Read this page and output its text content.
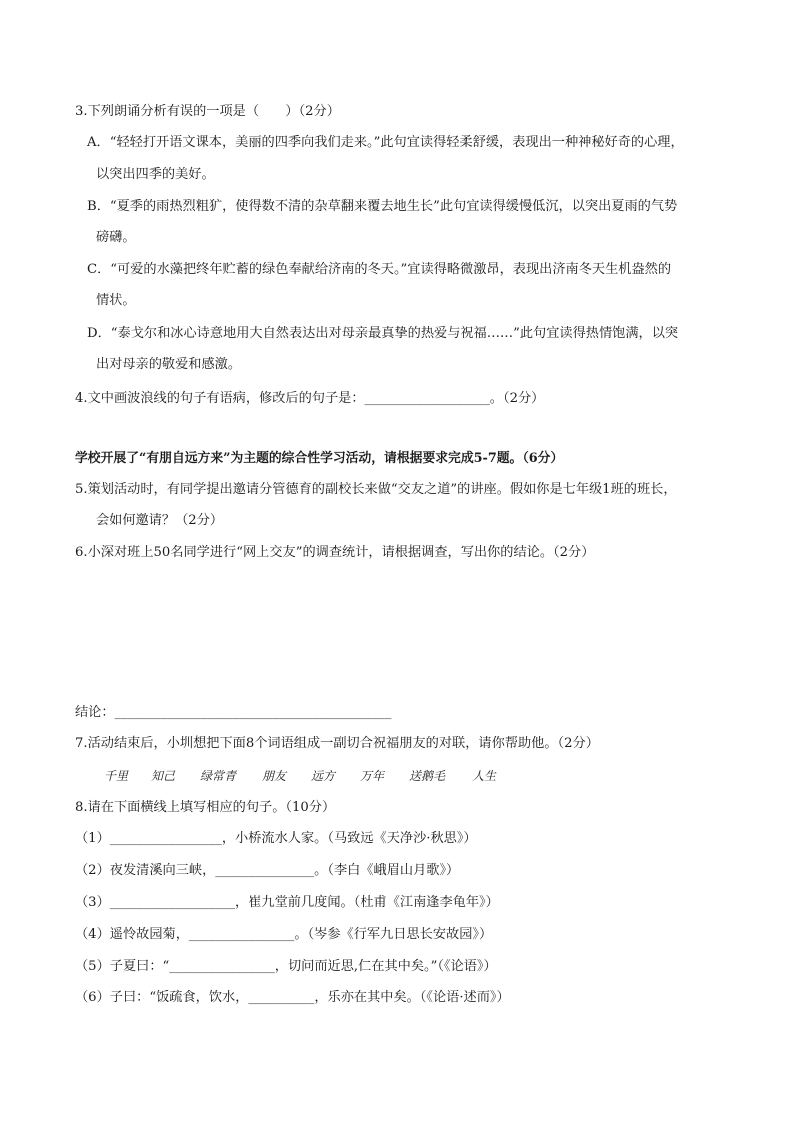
3.下列朗诵分析有误的一项是（　　）（2分）
A．“轻轻打开语文课本，美丽的四季向我们走来。”此句宜读得轻柔舒缓，表现出一种神秘好奇的心理，
以突出四季的美好。
B．“夏季的雨热烈粗犷，使得数不清的杂草翻来覆去地生长”此句宜读得缓慢低沉，以突出夏雨的气势
磅礴。
C．“可爱的水藻把终年贮蓄的绿色奉献给济南的冬天。”宜读得略微激昂，表现出济南冬天生机盎然的
情状。
D．“泰戈尔和冰心诗意地用大自然表达出对母亲最真挚的热爱与祝福……”此句宜读得热情饱满，以突
出对母亲的敬爱和感激。
4.文中画波浪线的句子有语病，修改后的句子是：___________________。（2分）
学校开展了“有朋自远方来”为主题的综合性学习活动，请根据要求完成5-7题。（6分）
5.策划活动时，有同学提出邀请分管德育的副校长来做“交友之道”的讲座。假如你是七年级1班的班长，
会如何邀请？（2分）
6.小深对班上50名同学进行“网上交友”的调查统计，请根据调查，写出你的结论。（2分）
结论：__________________________________________
7.活动结束后，小圳想把下面8个词语组成一副切合祝福朋友的对联，请你帮助他。（2分）
千里 知己 绿常青 朋友 远方 万年 送鹅毛 人生
8.请在下面横线上填写相应的句子。（10分）
（1）_________________，小桥流水人家。（马致远《天净沙·秋思》）
（2）夜发清溪向三峡，_______________。（李白《峨眉山月歌》）
（3）___________________，崔九堂前几度闻。（杜甫《江南逢李龟年》）
（4）遥怜故园菊，________________。（岑参《行军九日思长安故园》）
（5）子夏曰：“________________，切问而近思,仁在其中矣。”（《论语》）
（6）子曰：“饭疏食，饮水，__________，乐亦在其中矣。（《论语·述而》）
